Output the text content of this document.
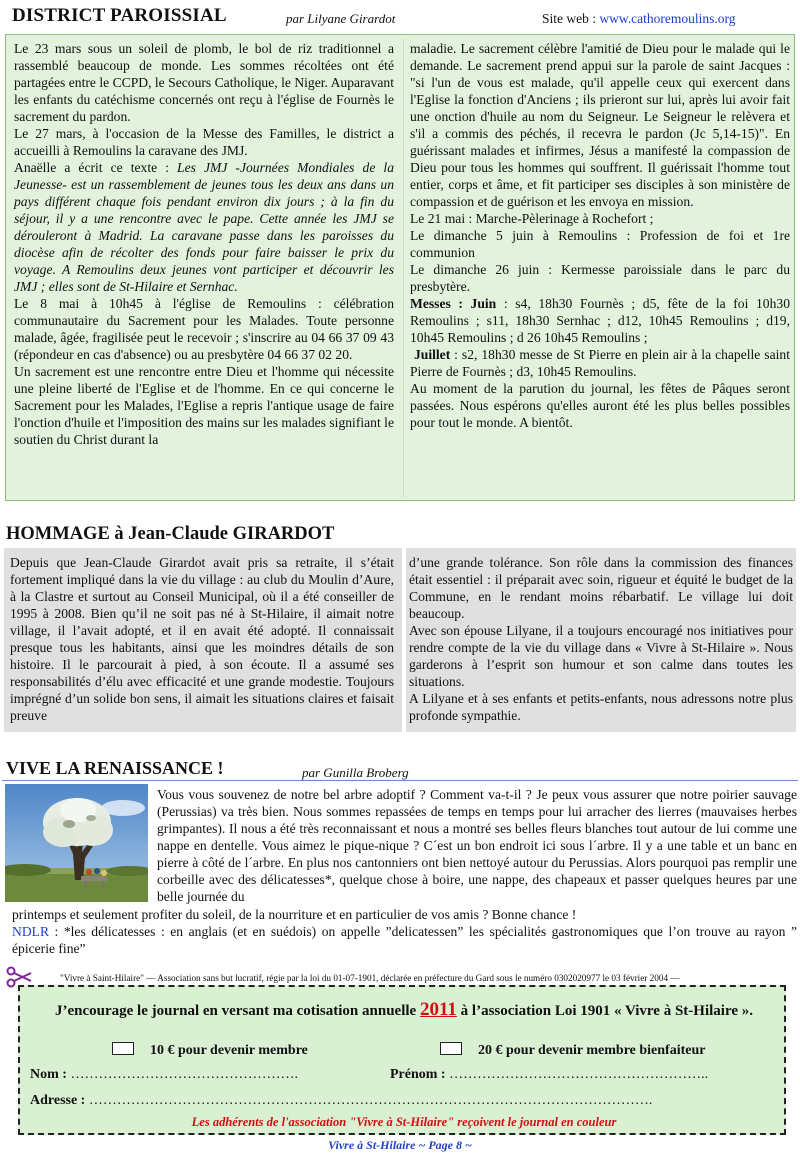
DISTRICT PAROISSIAL	par Lilyane Girardot	Site web : www.cathoremoulins.org

Le 23 mars sous un soleil de plomb, le bol de riz traditionnel a rassemblé beaucoup de monde. Les sommes récoltées ont été partagées entre le CCPD, le Secours Catholique, le Niger. Auparavant les enfants du catéchisme concernés ont reçu à l'église de Fournès le sacrement du pardon.

Le 27 mars, à l'occasion de la Messe des Familles, le district a accueilli à Remoulins la caravane des JMJ.

Anaëlle a écrit ce texte : Les JMJ -Journées Mondiales de la Jeunesse- est un rassemblement de jeunes tous les deux ans dans un pays différent chaque fois pendant environ dix jours ; à la fin du séjour, il y a une rencontre avec le pape. Cette année les JMJ se dérouleront à Madrid. La caravane passe dans les paroisses du diocèse afin de récolter des fonds pour faire baisser le prix du voyage. A Remoulins deux jeunes vont participer et découvrir les JMJ ; elles sont de St-Hilaire et Sernhac.

Le 8 mai à 10h45 à l'église de Remoulins : célébration communautaire du Sacrement pour les Malades. Toute personne malade, âgée, fragilisée peut le recevoir ; s'inscrire au 04 66 37 09 43 (répondeur en cas d'absence) ou au presbytère 04 66 37 02 20.

Un sacrement est une rencontre entre Dieu et l'homme qui nécessite une pleine liberté de l'Eglise et de l'homme. En ce qui concerne le Sacrement pour les Malades, l'Eglise a repris l'antique usage de faire l'onction d'huile et l'imposition des mains sur les malades signifiant le soutien du Christ durant la

maladie. Le sacrement célèbre l'amitié de Dieu pour le malade qui le demande. Le sacrement prend appui sur la parole de saint Jacques : "si l'un de vous est malade, qu'il appelle ceux qui exercent dans l'Eglise la fonction d'Anciens ; ils prieront sur lui, après lui avoir fait une onction d'huile au nom du Seigneur. Le Seigneur le relèvera et s'il a commis des péchés, il recevra le pardon (Jc 5,14-15)". En guérissant malades et infirmes, Jésus a manifesté la compassion de Dieu pour tous les hommes qui souffrent. Il guérissait l'homme tout entier, corps et âme, et fit participer ses disciples à son ministère de compassion et de guérison et les envoya en mission.

Le 21 mai : Marche-Pèlerinage à Rochefort ;

Le dimanche 5 juin à Remoulins : Profession de foi et 1re communion

Le dimanche 26 juin : Kermesse paroissiale dans le parc du presbytère.

Messes : Juin : s4, 18h30 Fournès ; d5, fête de la foi 10h30 Remoulins ; s11, 18h30 Sernhac ; d12, 10h45 Remoulins ; d19, 10h45 Remoulins ; d 26 10h45 Remoulins ;

Juillet : s2, 18h30 messe de St Pierre en plein air à la chapelle saint Pierre de Fournès ; d3, 10h45 Remoulins.

Au moment de la parution du journal, les fêtes de Pâques seront passées. Nous espérons qu'elles auront été les plus belles possibles pour tout le monde. A bientôt.

HOMMAGE à Jean-Claude GIRARDOT

Depuis que Jean-Claude Girardot avait pris sa retraite, il s’était fortement impliqué dans la vie du village : au club du Moulin d’Aure, à la Clastre et surtout au Conseil Municipal, où il a été conseiller de 1995 à 2008. Bien qu’il ne soit pas né à St-Hilaire, il aimait notre village, il l’avait adopté, et il en avait été adopté. Il connaissait presque tous les habitants, ainsi que les moindres détails de son histoire. Il le parcourait à pied, à son écoute. Il a assumé ses responsabilités d’élu avec efficacité et une grande modestie. Toujours imprégné d’un solide bon sens, il aimait les situations claires et faisait preuve

d’une grande tolérance. Son rôle dans la commission des finances était essentiel : il préparait avec soin, rigueur et équité le budget de la Commune, en le rendant moins rébarbatif. Le village lui doit beaucoup.

Avec son épouse Lilyane, il a toujours encouragé nos initiatives pour rendre compte de la vie du village dans « Vivre à St-Hilaire ». Nous garderons à l’esprit son humour et son calme dans toutes les situations.

A Lilyane et à ses enfants et petits-enfants, nous adressons notre plus profonde sympathie.

VIVE LA RENAISSANCE !	par Gunilla Broberg

Vous vous souvenez de notre bel arbre adoptif ? Comment va-t-il ? Je peux vous assurer que notre poirier sauvage (Perussias) va très bien. Nous sommes repassées de temps en temps pour lui arracher des lierres (mauvaises herbes grimpantes). Il nous a été très reconnaissant et nous a montré ses belles fleurs blanches tout autour de lui comme une nappe en dentelle. Vous aimez le pique-nique ? C´est un bon endroit ici sous l´arbre. Il y a une table et un banc en pierre à côté de l´arbre. En plus nos cantonniers ont bien nettoyé autour du Perussias. Alors pourquoi pas remplir une corbeille avec des délicatesses*, quelque chose à boire, une nappe, des chapeaux et passer quelques heures par une belle journée du

printemps et seulement profiter du soleil, de la nourriture et en particulier de vos amis ? Bonne chance !

NDLR : *les délicatesses : en anglais (et en suédois) on appelle ”delicatessen” les spécialités gastronomiques que l’on trouve au rayon ” épicerie fine”

"Vivre à Saint-Hilaire" — Association sans but lucratif, régie par la loi du 01-07-1901, déclarée en préfecture du Gard sous le numéro 0302020977 le 03 février 2004 —
J’encourage le journal en versant ma cotisation annuelle 2011 à l’association Loi 1901 « Vivre à St-Hilaire ».
10 € pour devenir membre	20 € pour devenir membre bienfaiteur
Nom : ………………………………………….	Prénom : ………………………………………………..
Adresse : ………………………………………………………………………………………………………….
Les adhérents de l'association "Vivre à St-Hilaire" reçoivent le journal en couleur
Vivre à St-Hilaire ~ Page 8 ~
